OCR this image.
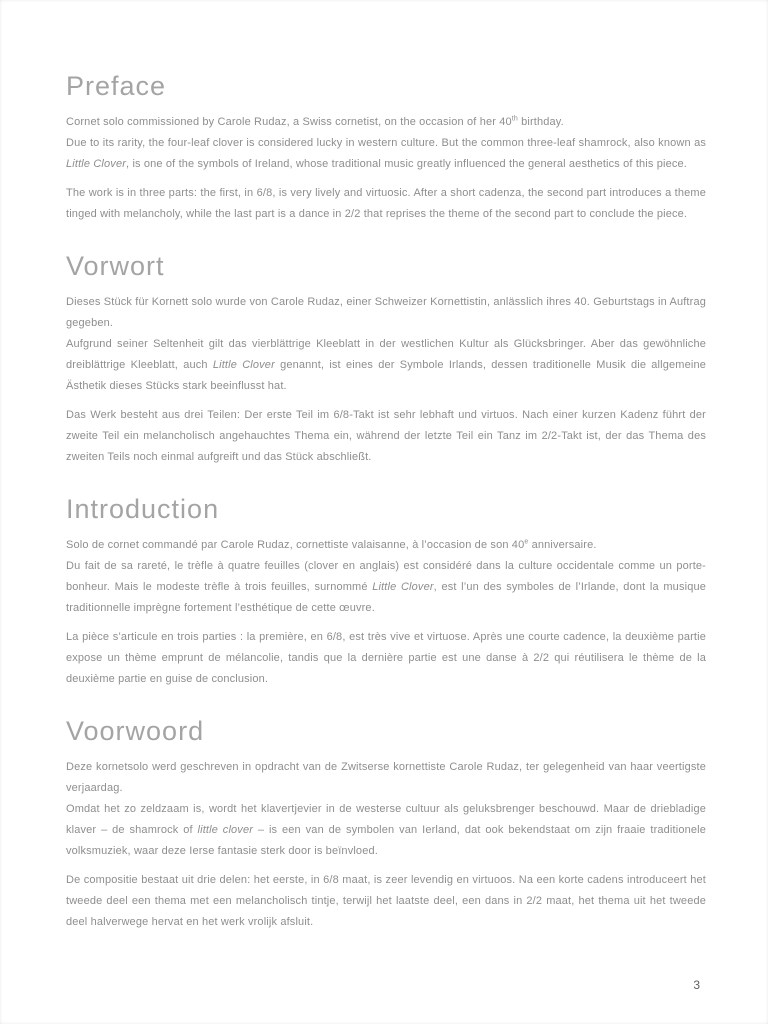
Preface

Cornet solo commissioned by Carole Rudaz, a Swiss cornetist, on the occasion of her 40th birthday.
Due to its rarity, the four-leaf clover is considered lucky in western culture. But the common three-leaf shamrock, also known as Little Clover, is one of the symbols of Ireland, whose traditional music greatly influenced the general aesthetics of this piece.

The work is in three parts: the first, in 6/8, is very lively and virtuosic. After a short cadenza, the second part introduces a theme tinged with melancholy, while the last part is a dance in 2/2 that reprises the theme of the second part to conclude the piece.

Vorwort

Dieses Stück für Kornett solo wurde von Carole Rudaz, einer Schweizer Kornettistin, anlässlich ihres 40. Geburtstags in Auftrag gegeben.
Aufgrund seiner Seltenheit gilt das vierblättrige Kleeblatt in der westlichen Kultur als Glücksbringer. Aber das gewöhnliche dreiblättrige Kleeblatt, auch Little Clover genannt, ist eines der Symbole Irlands, dessen traditionelle Musik die allgemeine Ästhetik dieses Stücks stark beeinflusst hat.

Das Werk besteht aus drei Teilen: Der erste Teil im 6/8-Takt ist sehr lebhaft und virtuos. Nach einer kurzen Kadenz führt der zweite Teil ein melancholisch angehauchtes Thema ein, während der letzte Teil ein Tanz im 2/2-Takt ist, der das Thema des zweiten Teils noch einmal aufgreift und das Stück abschließt.

Introduction

Solo de cornet commandé par Carole Rudaz, cornettiste valaisanne, à l’occasion de son 40e anniversaire.
Du fait de sa rareté, le trèfle à quatre feuilles (clover en anglais) est considéré dans la culture occidentale comme un porte-bonheur. Mais le modeste trèfle à trois feuilles, surnommé Little Clover, est l’un des symboles de l’Irlande, dont la musique traditionnelle imprègne fortement l’esthétique de cette œuvre.

La pièce s’articule en trois parties : la première, en 6/8, est très vive et virtuose. Après une courte cadence, la deuxième partie expose un thème emprunt de mélancolie, tandis que la dernière partie est une danse à 2/2 qui réutilisera le thème de la deuxième partie en guise de conclusion.

Voorwoord

Deze kornetsolo werd geschreven in opdracht van de Zwitserse kornettiste Carole Rudaz, ter gelegenheid van haar veertigste verjaardag.
Omdat het zo zeldzaam is, wordt het klavertjevier in de westerse cultuur als geluksbrenger beschouwd. Maar de driebladige klaver – de shamrock of little clover – is een van de symbolen van Ierland, dat ook bekendstaat om zijn fraaie traditionele volksmuziek, waar deze Ierse fantasie sterk door is beïnvloed.

De compositie bestaat uit drie delen: het eerste, in 6/8 maat, is zeer levendig en virtuoos. Na een korte cadens introduceert het tweede deel een thema met een melancholisch tintje, terwijl het laatste deel, een dans in 2/2 maat, het thema uit het tweede deel halverwege hervat en het werk vrolijk afsluit.

3
